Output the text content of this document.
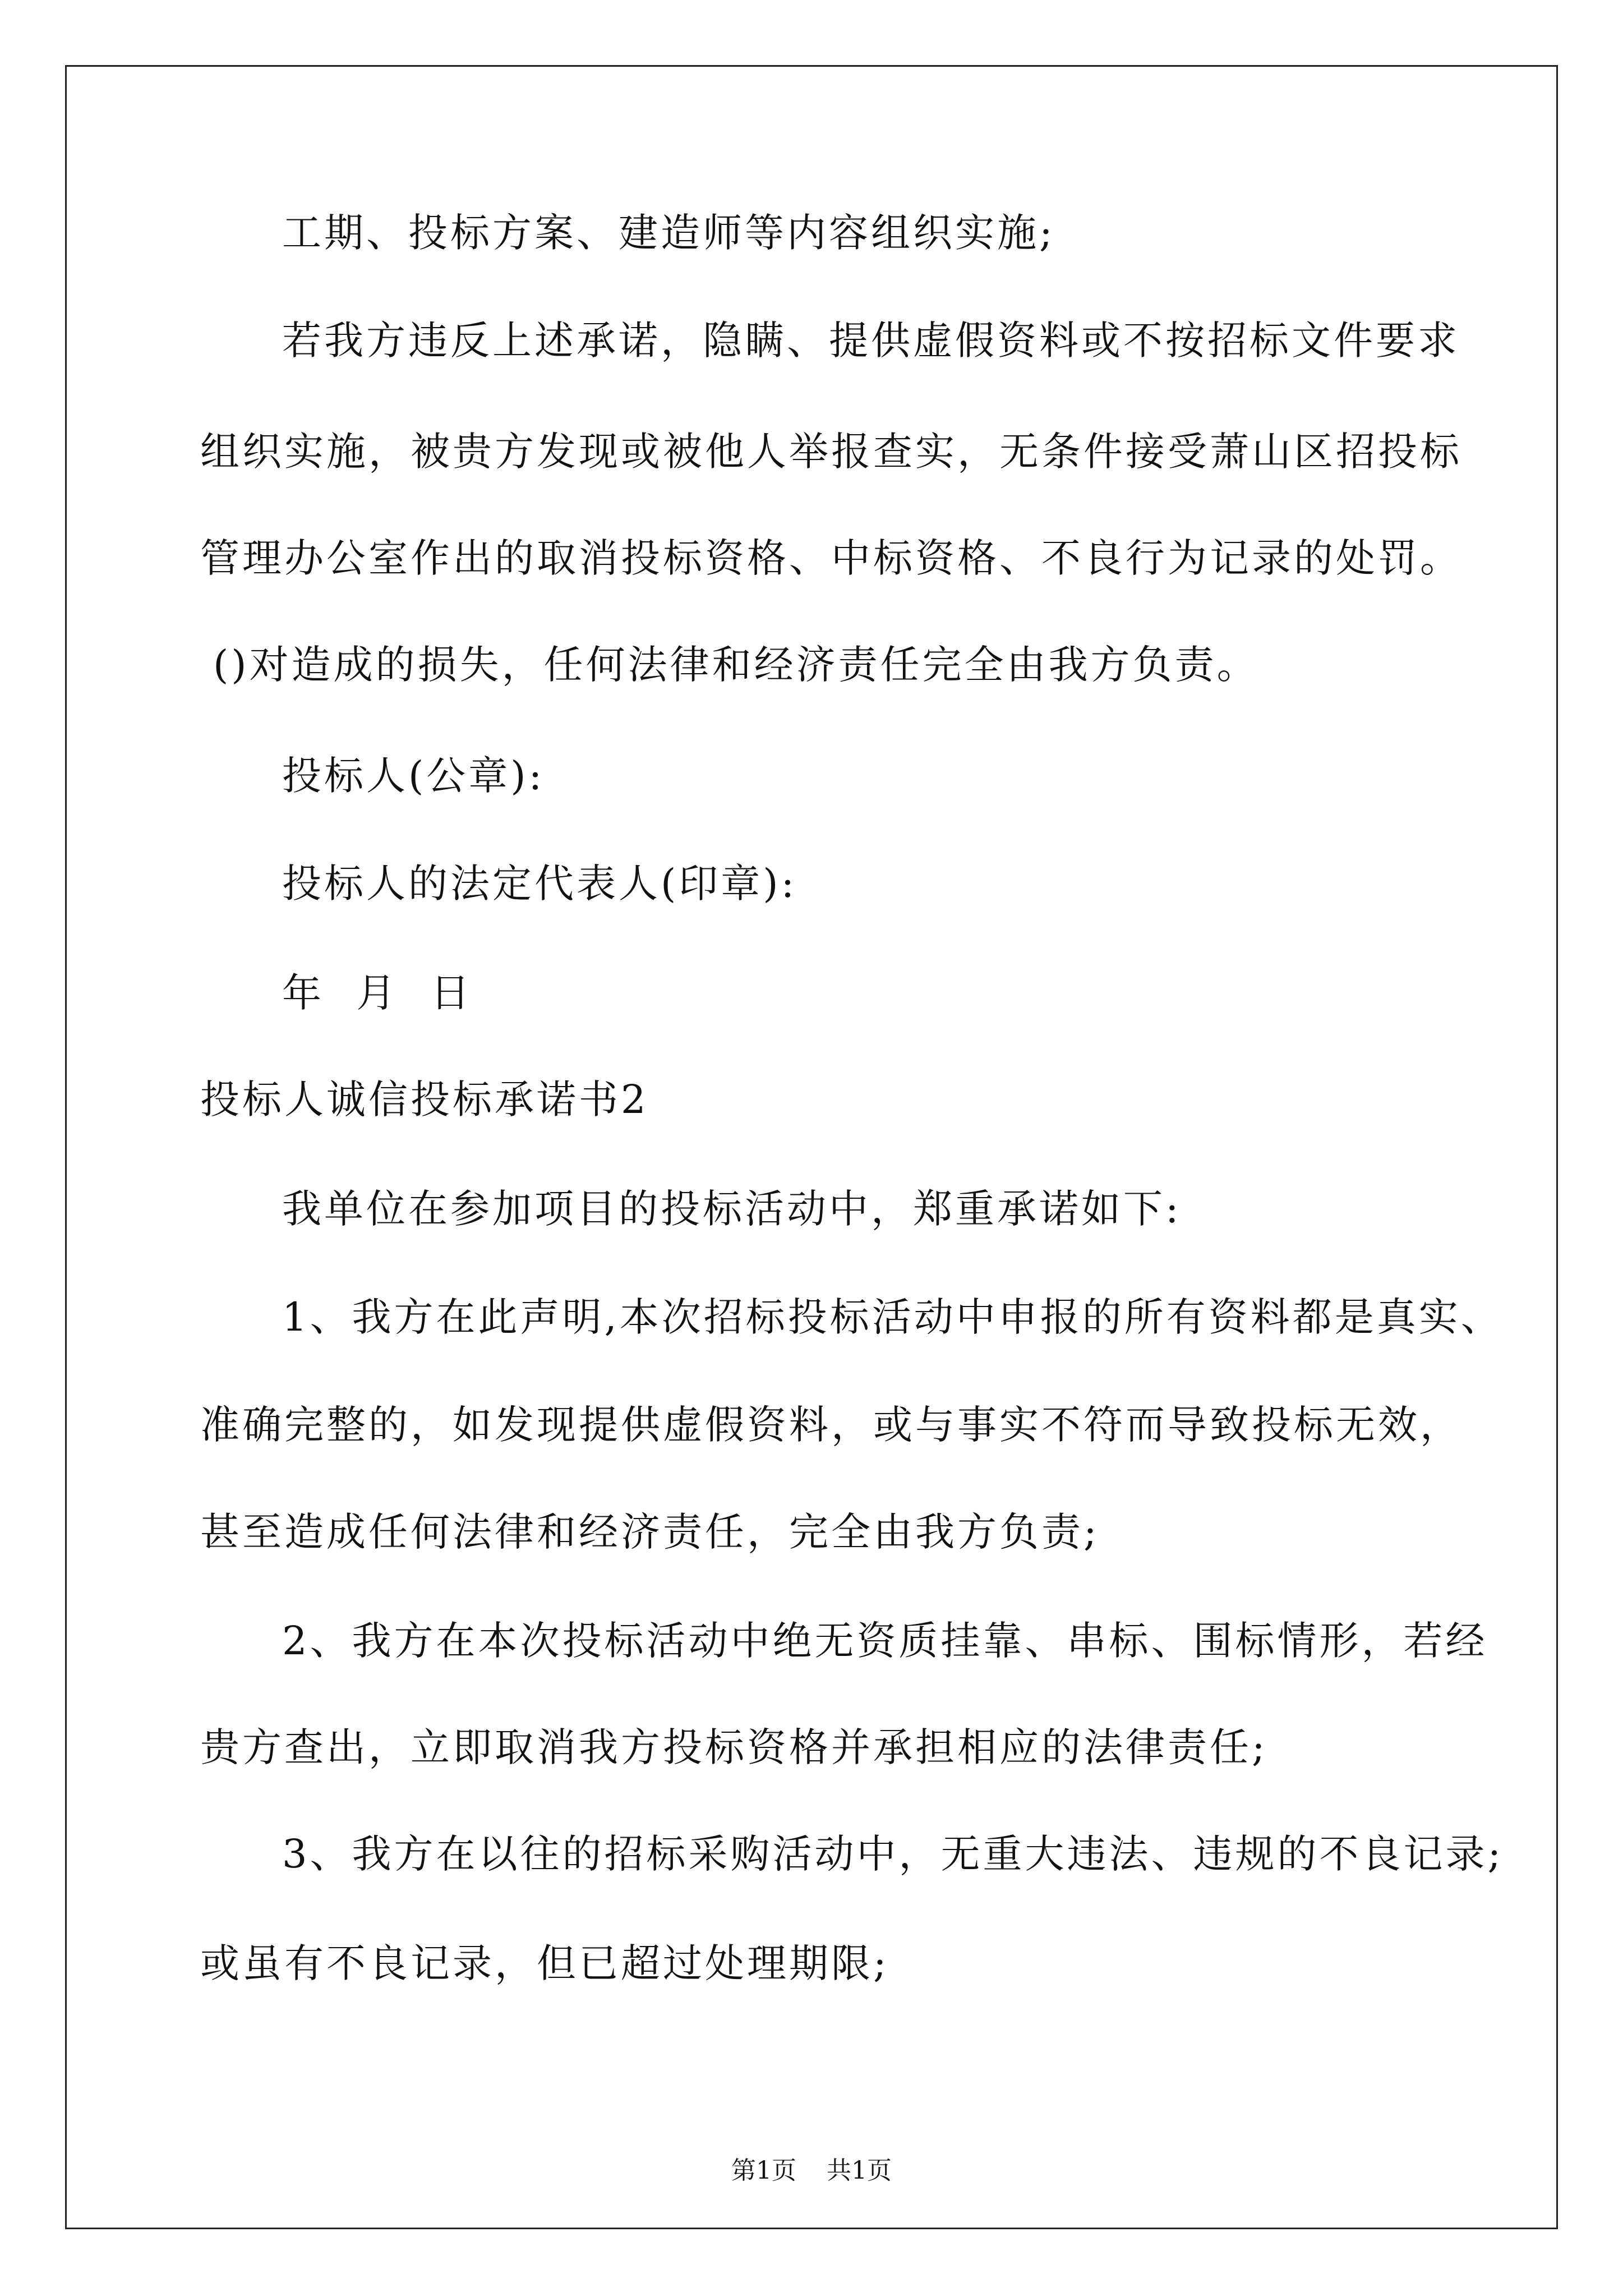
工期、投标方案、建造师等内容组织实施;
若我方违反上述承诺，隐瞒、提供虚假资料或不按招标文件要求
组织实施，被贵方发现或被他人举报查实，无条件接受萧山区招投标
管理办公室作出的取消投标资格、中标资格、不良行为记录的处罚。
()对造成的损失，任何法律和经济责任完全由我方负责。
投标人(公章):
投标人的法定代表人(印章):
年 月 日
投标人诚信投标承诺书2
我单位在参加项目的投标活动中，郑重承诺如下:
1、我方在此声明,本次招标投标活动中申报的所有资料都是真实、
准确完整的，如发现提供虚假资料，或与事实不符而导致投标无效，
甚至造成任何法律和经济责任，完全由我方负责;
2、我方在本次投标活动中绝无资质挂靠、串标、围标情形，若经
贵方查出，立即取消我方投标资格并承担相应的法律责任;
3、我方在以往的招标采购活动中，无重大违法、违规的不良记录;
或虽有不良记录，但已超过处理期限;
第1页 共1页
